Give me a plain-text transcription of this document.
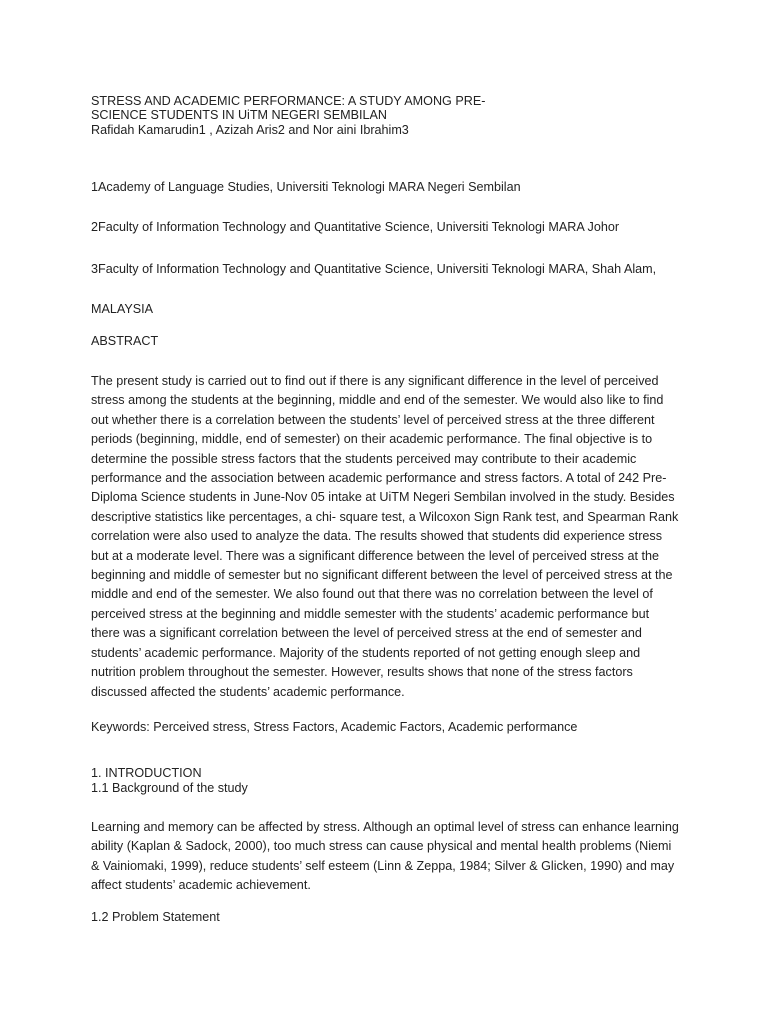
STRESS AND ACADEMIC PERFORMANCE: A STUDY AMONG PRE-
SCIENCE STUDENTS IN UiTM NEGERI SEMBILAN
Rafidah Kamarudin1 , Azizah Aris2 and Nor aini Ibrahim3
1Academy of Language Studies, Universiti Teknologi MARA Negeri Sembilan
2Faculty of Information Technology and Quantitative Science, Universiti Teknologi MARA Johor
3Faculty of Information Technology and Quantitative Science, Universiti Teknologi MARA, Shah Alam,
MALAYSIA
ABSTRACT
The present study is carried out to find out if there is any significant difference in the level of perceived
stress among the students at the beginning, middle and end of the semester. We would also like to find
out whether there is a correlation between the students’ level of perceived stress at the three different
periods (beginning, middle, end of semester) on their academic performance. The final objective is to
determine the possible stress factors that the students perceived may contribute to their academic
performance and the association between academic performance and stress factors. A total of 242 Pre-
Diploma Science students in June-Nov 05 intake at UiTM Negeri Sembilan involved in the study. Besides
descriptive statistics like percentages, a chi- square test, a Wilcoxon Sign Rank test, and Spearman Rank
correlation were also used to analyze the data. The results showed that students did experience stress
but at a moderate level. There was a significant difference between the level of perceived stress at the
beginning and middle of semester but no significant different between the level of perceived stress at the
middle and end of the semester. We also found out that there was no correlation between the level of
perceived stress at the beginning and middle semester with the students’ academic performance but
there was a significant correlation between the level of perceived stress at the end of semester and
students’ academic performance. Majority of the students reported of not getting enough sleep and
nutrition problem throughout the semester. However, results shows that none of the stress factors
discussed affected the students’ academic performance.
Keywords: Perceived stress, Stress Factors, Academic Factors, Academic performance
1. INTRODUCTION
1.1 Background of the study
Learning and memory can be affected by stress. Although an optimal level of stress can enhance learning
ability (Kaplan & Sadock, 2000), too much stress can cause physical and mental health problems (Niemi
& Vainiomaki, 1999), reduce students’ self esteem (Linn & Zeppa, 1984; Silver & Glicken, 1990) and may
affect students’ academic achievement.
1.2 Problem Statement
